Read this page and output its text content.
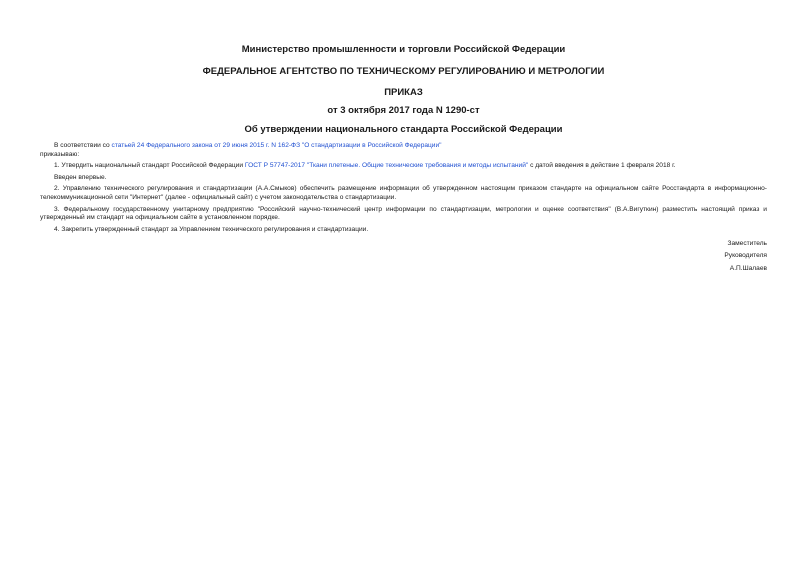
Министерство промышленности и торговли Российской Федерации
ФЕДЕРАЛЬНОЕ АГЕНТСТВО ПО ТЕХНИЧЕСКОМУ РЕГУЛИРОВАНИЮ И МЕТРОЛОГИИ
ПРИКАЗ
от 3 октября 2017 года N 1290-ст
Об утверждении национального стандарта Российской Федерации

В соответствии со статьей 24 Федерального закона от 29 июня 2015 г. N 162-ФЗ "О стандартизации в Российской Федерации"

приказываю:

1. Утвердить национальный стандарт Российской Федерации ГОСТ Р 57747-2017 "Ткани плетеные. Общие технические требования и методы испытаний" с датой введения в действие 1 февраля 2018 г.

Введен впервые.

2. Управлению технического регулирования и стандартизации (А.А.Смыков) обеспечить размещение информации об утвержденном настоящим приказом стандарте на официальном сайте Росстандарта в информационно-телекоммуникационной сети "Интернет" (далее - официальный сайт) с учетом законодательства о стандартизации.

3. Федеральному государственному унитарному предприятию "Российский научно-технический центр информации по стандартизации, метрологии и оценке соответствия" (В.А.Вигуткин) разместить настоящий приказ и утвержденный им стандарт на официальном сайте в установленном порядке.

4. Закрепить утвержденный стандарт за Управлением технического регулирования и стандартизации.

Заместитель
Руководителя
А.П.Шалаев
